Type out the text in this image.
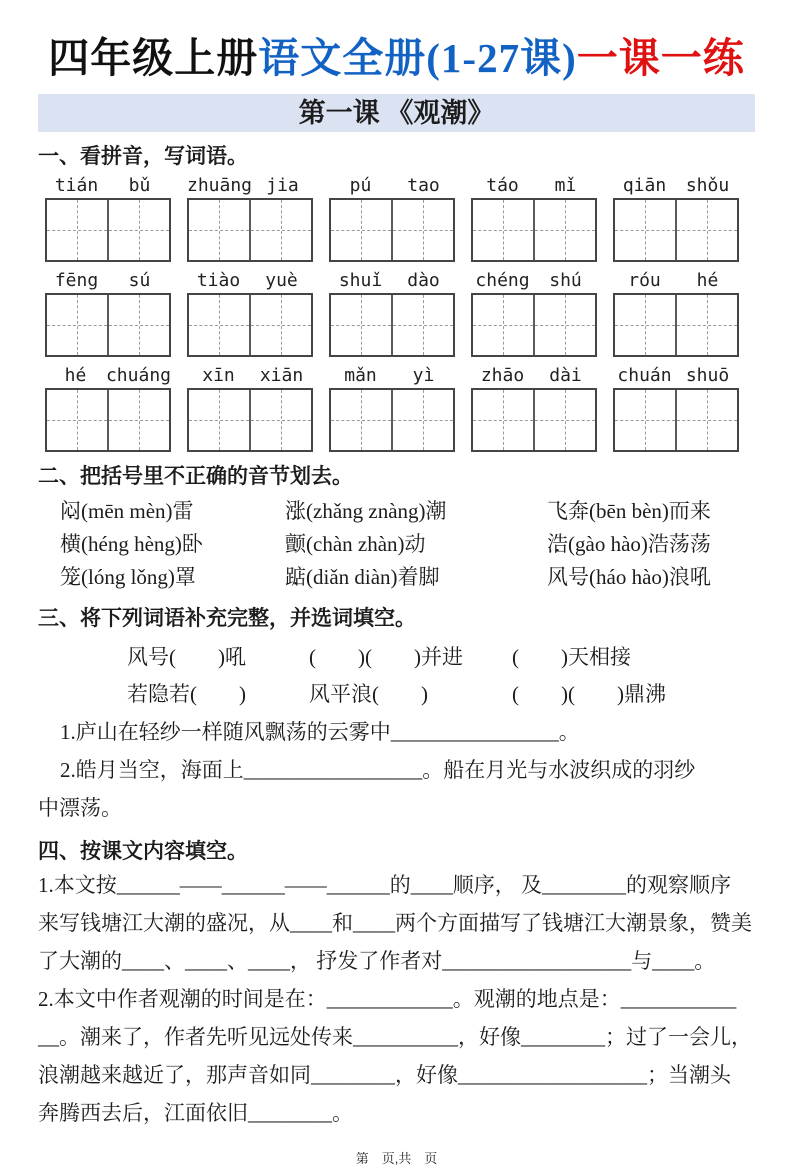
四年级上册语文全册(1-27课)一课一练
第一课 《观潮》
一、看拼音，写词语。
tián	bǔ	zhuāng jia	pú	tao	táo	mǐ	qiān	shǒu
fēng	sú	tiào	yuè	shuǐ	dào	chéng	shú	róu	hé
hé	chuáng	xīn	xiān	mǎn	yì	zhāo	dài	chuán shuō
二、把括号里不正确的音节划去。
闷 •(mēn mèn)雷	涨 •(zhǎng znàng)潮	飞奔 •(bēn bèn)而来
横 •(héng hèng)卧	颤 •(chàn zhàn)动	浩 •(gào hào)浩荡荡
笼 •(lóng lǒng)罩	踮 •(diǎn diàn)着脚	风号 •(háo hào)浪吼
三、将下列词语补充完整，并选词填空。
风号(　　)吼	(　　)(　　)并进	(　　)天相接
若隐若(　　)	风平浪(　　)	(　　)(　　)鼎沸
1.庐山在轻纱一样随风飘荡的云雾中________________。
2.皓月当空，海面上_________________。船在月光与水波织成的羽纱
中漂荡。
四、按课文内容填空。
1.本文按______——______——______的____顺序， 及________的观察顺序
来写钱塘江大潮的盛况，从____和____两个方面描写了钱塘江大潮景象，赞美
了大潮的____、____、____， 抒发了作者对__________________与____。
2.本文中作者观潮的时间是在：____________。观潮的地点是：___________
__。潮来了，作者先听见远处传来__________，好像________；过了一会儿，
浪潮越来越近了，那声音如同________，好像__________________；当潮头
奔腾西去后，江面依旧________。
第　页,共　页
